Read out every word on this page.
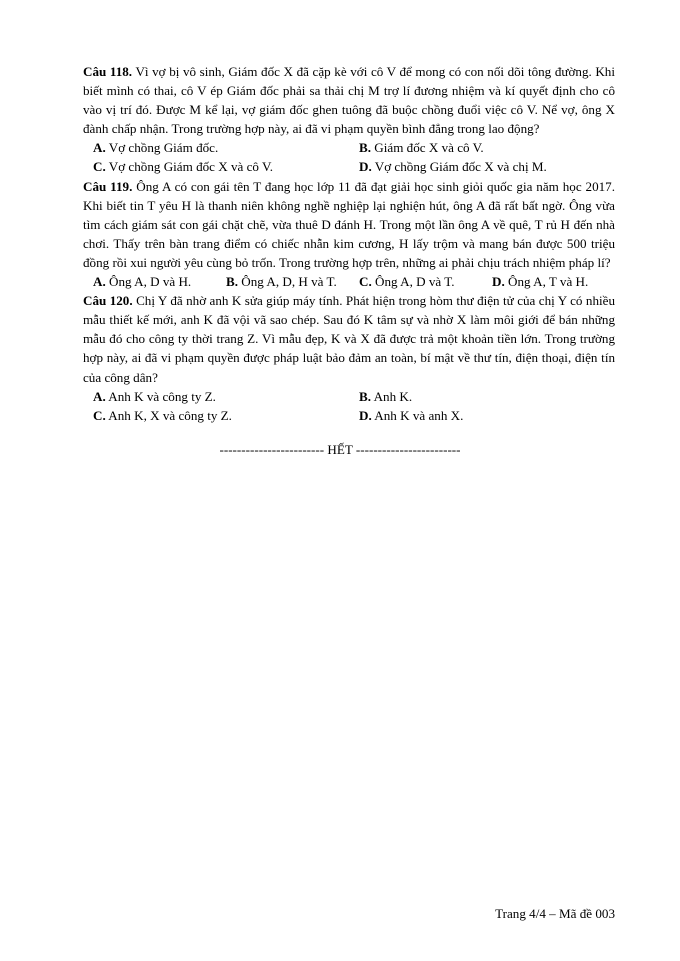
Câu 118. Vì vợ bị vô sinh, Giám đốc X đã cặp kè với cô V để mong có con nối dõi tông đường. Khi biết mình có thai, cô V ép Giám đốc phải sa thải chị M trợ lí đương nhiệm và kí quyết định cho cô vào vị trí đó. Được M kể lại, vợ giám đốc ghen tuông đã buộc chồng đuổi việc cô V. Nể vợ, ông X đành chấp nhận. Trong trường hợp này, ai đã vi phạm quyền bình đẳng trong lao động?
A. Vợ chồng Giám đốc.	B. Giám đốc X và cô V.
C. Vợ chồng Giám đốc X và cô V.	D. Vợ chồng Giám đốc X và chị M.
Câu 119. Ông A có con gái tên T đang học lớp 11 đã đạt giải học sinh giỏi quốc gia năm học 2017. Khi biết tin T yêu H là thanh niên không nghề nghiệp lại nghiện hút, ông A đã rất bất ngờ. Ông vừa tìm cách giám sát con gái chặt chẽ, vừa thuê D đánh H. Trong một lần ông A về quê, T rủ H đến nhà chơi. Thấy trên bàn trang điểm có chiếc nhẫn kim cương, H lấy trộm và mang bán được 500 triệu đồng rồi xui người yêu cùng bỏ trốn. Trong trường hợp trên, những ai phải chịu trách nhiệm pháp lí?
A. Ông A, D và H.	B. Ông A, D, H và T.	C. Ông A, D và T.	D. Ông A, T và H.
Câu 120. Chị Y đã nhờ anh K sửa giúp máy tính. Phát hiện trong hòm thư điện tử của chị Y có nhiều mẫu thiết kế mới, anh K đã vội vã sao chép. Sau đó K tâm sự và nhờ X làm môi giới để bán những mẫu đó cho công ty thời trang Z. Vì mẫu đẹp, K và X đã được trả một khoản tiền lớn. Trong trường hợp này, ai đã vi phạm quyền được pháp luật bảo đảm an toàn, bí mật về thư tín, điện thoại, điện tín của công dân?
A. Anh K và công ty Z.	B. Anh K.
C. Anh K, X và công ty Z.	D. Anh K và anh X.
------------------------ HẾT ------------------------
Trang 4/4 – Mã đề 003
